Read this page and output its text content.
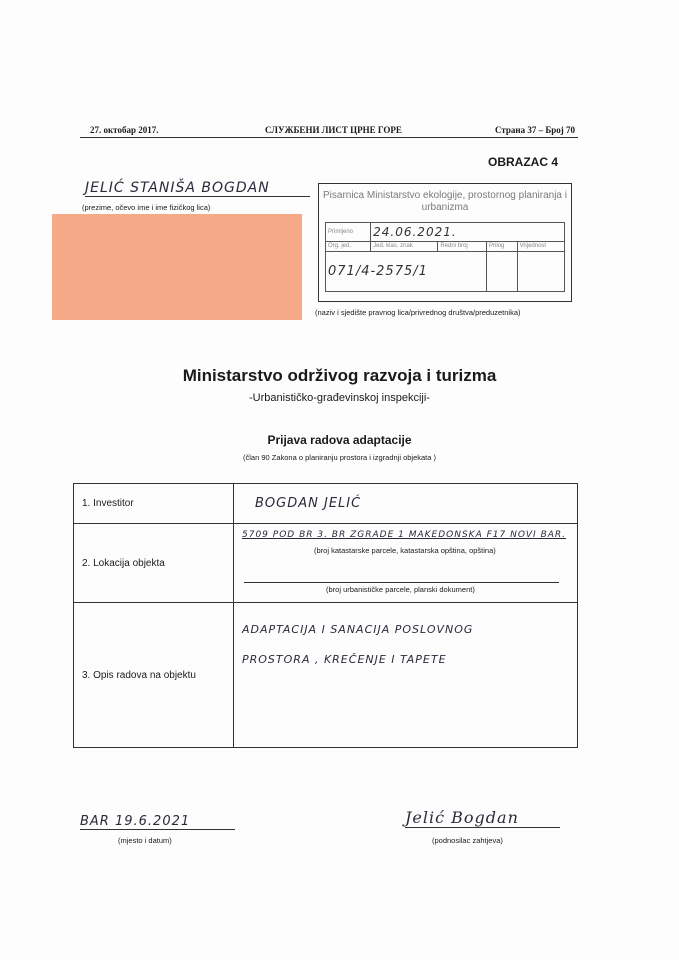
27. октобар 2017.	СЛУЖБЕНИ ЛИСТ ЦРНЕ ГОРЕ	Страна 37 – Број 70
OBRAZAC 4
JELIĆ STANIŠA BOGDAN
(prezime, očevo ime i ime fizičkog lica)
Pisarnica Ministarstvo ekologije, prostornog planiranja i urbanizma
Primljeno	24.06.2021.			
Org. jed.	Jed. klas. znak	Redni broj	Prilog	Vrijednost
071/4-2575/1				
(naziv i sjedište pravnog lica/privrednog društva/preduzetnika)
Ministarstvo održivog razvoja i turizma
-Urbanističko-građevinskoj inspekciji-
Prijava radova adaptacije
(član 90 Zakona o planiranju prostora i izgradnji objekata )
1. Investitor	BOGDAN JELIĆ
2. Lokacija objekta	5709 POD BR 3. BR ZGRADE 1 MAKEDONSKA F17 NOVI BAR.
(broj katastarske parcele, katastarska opština, opština)
(broj urbanističke parcele, planski dokument)

3. Opis radova na objektu	ADAPTACIJA I SANACIJA POSLOVNOG
PROSTORA , KREČENJE I TAPETE
BAR 19.6.2021
(mjesto i datum)
Jelić Bogdan
(podnosilac zahtjeva)
